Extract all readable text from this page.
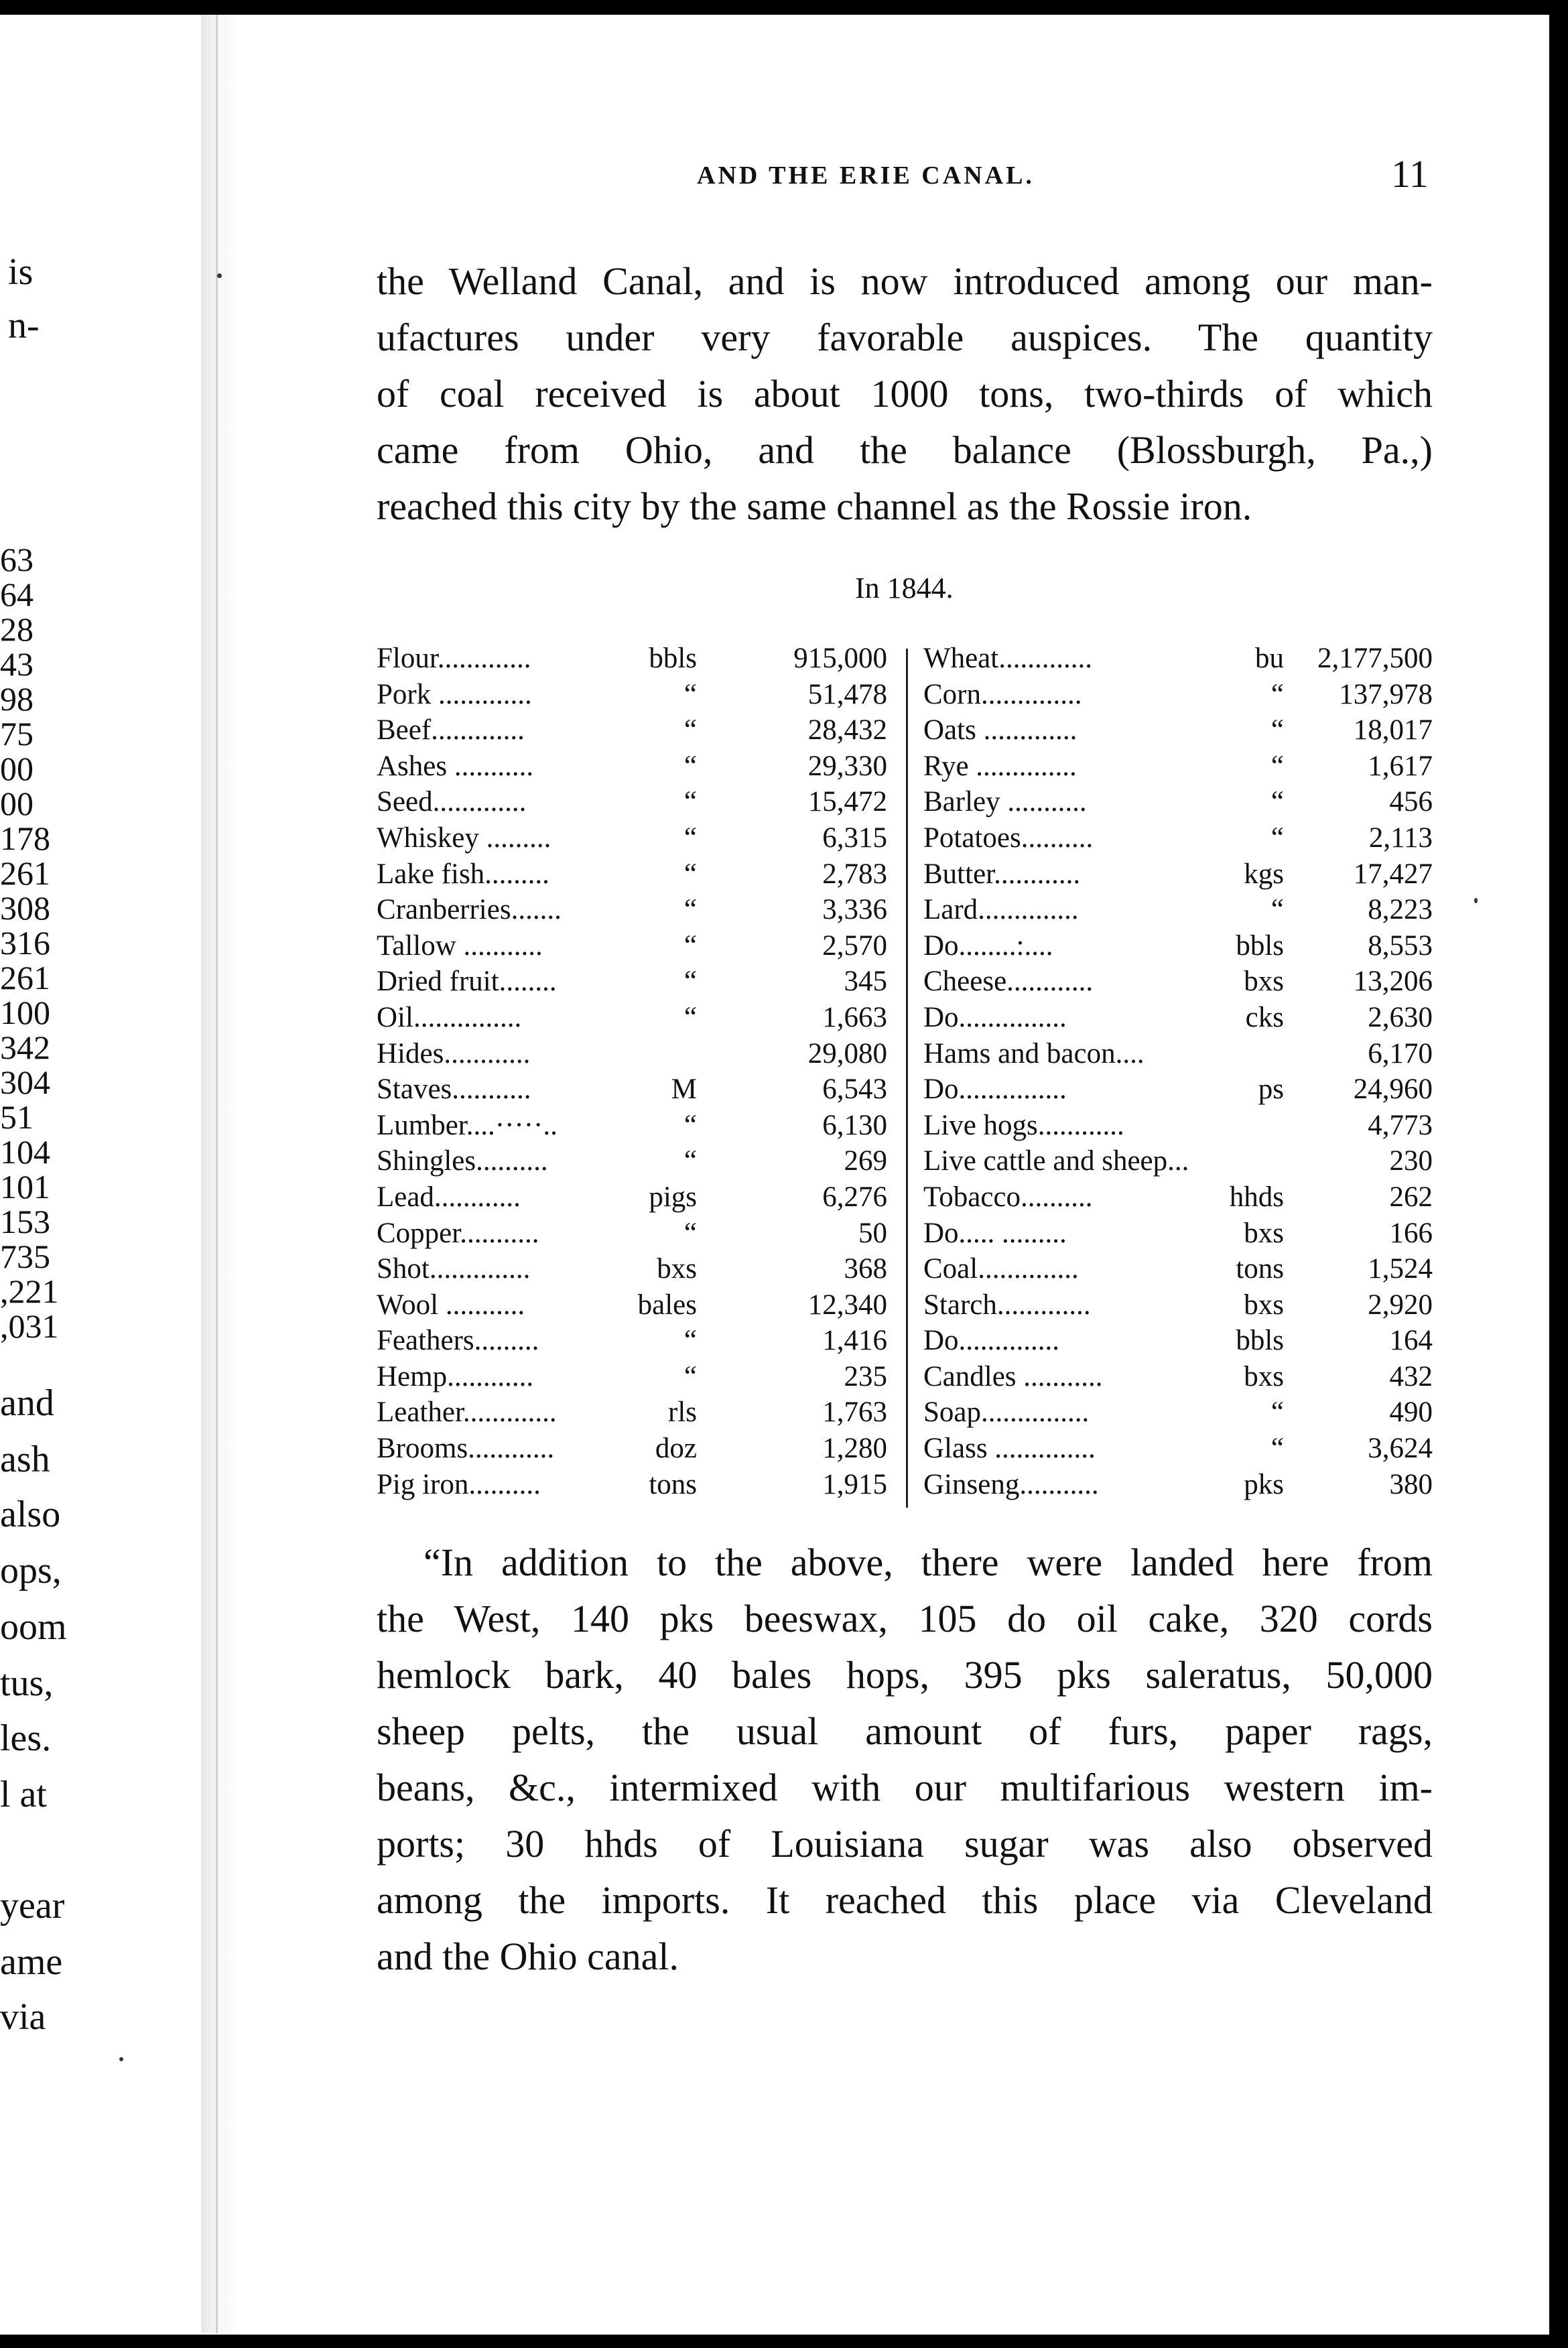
is
n-
63
64
28
43
98
75
00
00
178
261
308
316
261
100
342
304
51
104
101
153
735
,221
,031
and
ash
also
ops,
oom
tus,
les.
l at
year
ame
via
AND THE ERIE CANAL.	11
the Welland Canal, and is now introduced among our man-
ufactures under very favorable auspices. The quantity
of coal received is about 1000 tons, two-thirds of which
came from Ohio, and the balance (Blossburgh, Pa.,)
reached this city by the same channel as the Rossie iron.
In 1844.
Flour.............	bbls	915,000
Pork .............	“	51,478
Beef.............	“	28,432
Ashes ...........	“	29,330
Seed.............	“	15,472
Whiskey .........	“	6,315
Lake fish.........	“	2,783
Cranberries.......	“	3,336
Tallow ...........	“	2,570
Dried fruit........	“	345
Oil...............	“	1,663
Hides............	29,080
Staves...........	M	6,543
Lumber....·····..	“	6,130
Shingles..........	“	269
Lead............	pigs	6,276
Copper...........	“	50
Shot..............	bxs	368
Wool ...........	bales	12,340
Feathers.........	“	1,416
Hemp............	“	235
Leather.............	rls	1,763
Brooms............	doz	1,280
Pig iron..........	tons	1,915
Wheat.............	bu 2,177,500
Corn..............	“ 137,978
Oats .............	“ 18,017
Rye ..............	“	1,617
Barley ...........	“	456
Potatoes..........	“	2,113
Butter............	kgs 17,427
Lard..............	“	8,223
Do........:....	bbls	8,553
Cheese............	bxs 13,206
Do...............	cks	2,630
Hams and bacon....	6,170
Do...............	ps 24,960
Live hogs............	4,773
Live cattle and sheep...	230
Tobacco..........	hhds	262
Do..... .........	bxs	166
Coal..............	tons	1,524
Starch.............	bxs	2,920
Do..............	bbls	164
Candles ...........	bxs	432
Soap...............	“	490
Glass ..............	“	3,624
Ginseng...........	pks	380
“In addition to the above, there were landed here from
the West, 140 pks beeswax, 105 do oil cake, 320 cords
hemlock bark, 40 bales hops, 395 pks saleratus, 50,000
sheep pelts, the usual amount of furs, paper rags,
beans, &c., intermixed with our multifarious western im-
ports; 30 hhds of Louisiana sugar was also observed
among the imports. It reached this place via Cleveland
and the Ohio canal.
